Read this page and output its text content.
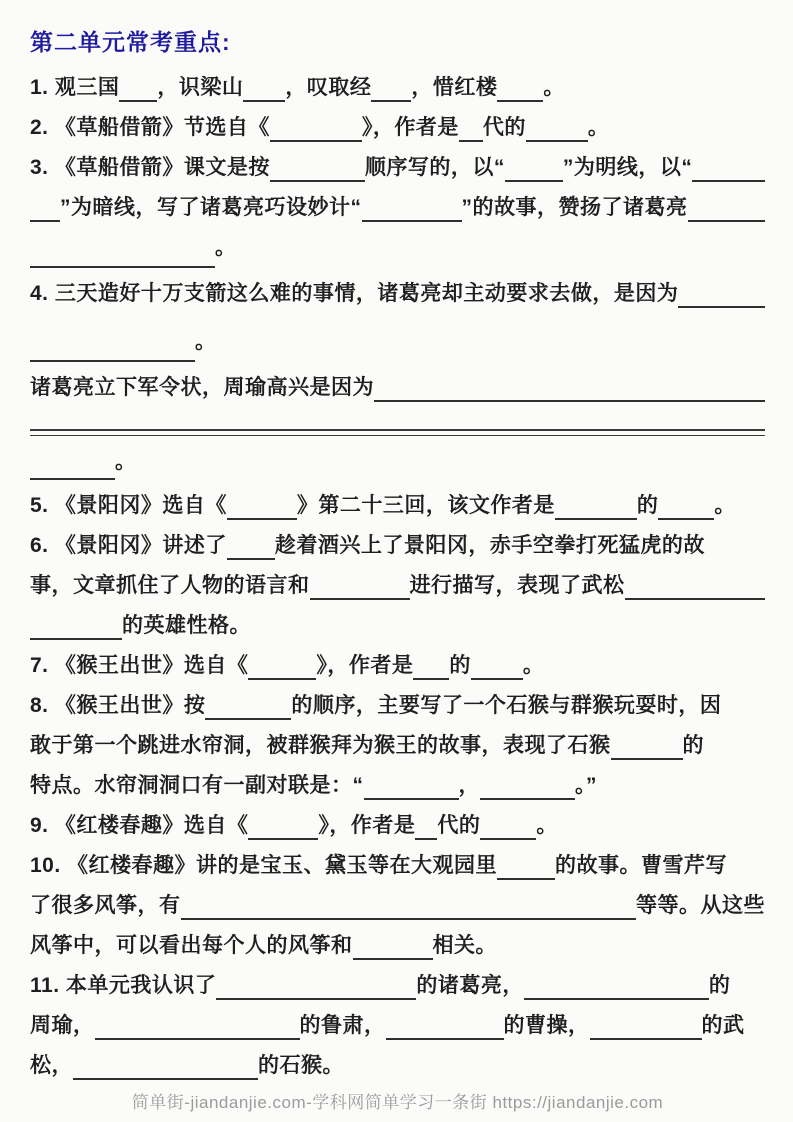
第二单元常考重点:
1. 观三国 ，识梁山 ，叹取经 ，惜红楼 。
2. 《草船借箭》节选自《	》，作者是 代的	。
3. 《草船借箭》课文是按	顺序写的，以“	”为明线，以“
”为暗线，写了诸葛亮巧设妙计“	”的故事，赞扬了诸葛亮
。
4. 三天造好十万支箭这么难的事情，诸葛亮却主动要求去做，是因为
。
诸葛亮立下军令状，周瑜高兴是因为
。
5. 《景阳冈》选自《	》第二十三回，该文作者是	的	。
6. 《景阳冈》讲述了 趁着酒兴上了景阳冈，赤手空拳打死猛虎的故
事，文章抓住了人物的语言和	进行描写，表现了武松
的英雄性格。
7. 《猴王出世》选自《	》，作者是 的 。
8. 《猴王出世》按	的顺序，主要写了一个石猴与群猴玩耍时，因
敢于第一个跳进水帘洞，被群猴拜为猴王的故事，表现了石猴	的
特点。水帘洞洞口有一副对联是：“	，	。”
9. 《红楼春趣》选自《	》，作者是 代的	。
10. 《红楼春趣》讲的是宝玉、黛玉等在大观园里	的故事。曹雪芹写
了很多风筝，有	等等。从这些
风筝中，可以看出每个人的风筝和	相关。
11. 本单元我认识了	的诸葛亮，	的
周瑜，	的鲁肃，	的曹操，	的武
松，	的石猴。
简单街-jiandanjie.com-学科网简单学习一条街 https://jiandanjie.com
